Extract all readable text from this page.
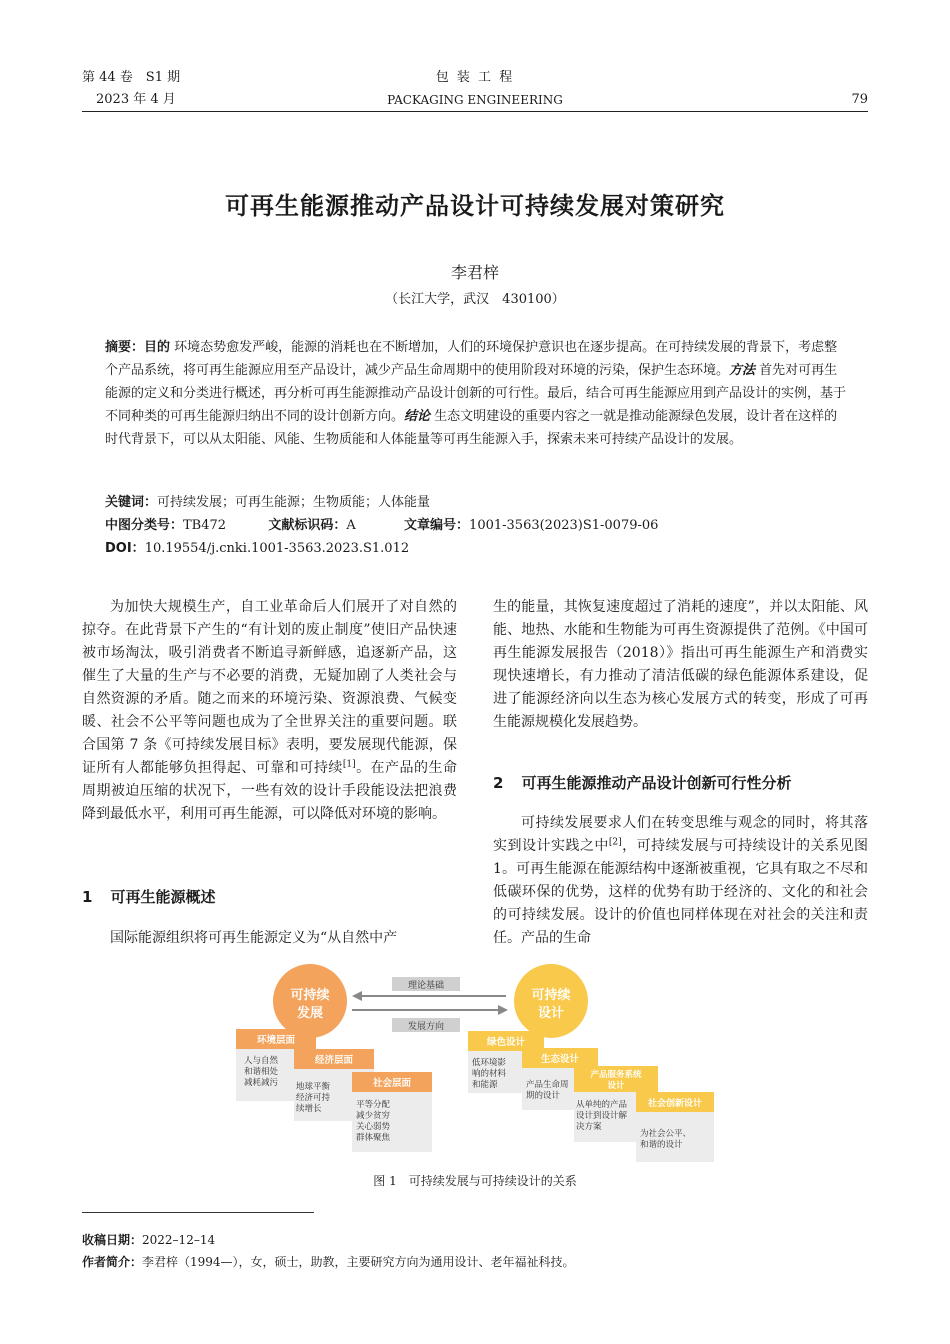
第 44 卷　S1 期
2023 年 4 月
包 装 工 程
PACKAGING ENGINEERING	79
可再生能源推动产品设计可持续发展对策研究
李君梓
（长江大学，武汉　430100）
摘要：目的 环境态势愈发严峻，能源的消耗也在不断增加，人们的环境保护意识也在逐步提高。在可持续发展的背景下，考虑整个产品系统，将可再生能源应用至产品设计，减少产品生命周期中的使用阶段对环境的污染，保护生态环境。方法 首先对可再生能源的定义和分类进行概述，再分析可再生能源推动产品设计创新的可行性。最后，结合可再生能源应用到产品设计的实例，基于不同种类的可再生能源归纳出不同的设计创新方向。结论 生态文明建设的重要内容之一就是推动能源绿色发展，设计者在这样的时代背景下，可以从太阳能、风能、生物质能和人体能量等可再生能源入手，探索未来可持续产品设计的发展。
关键词：可持续发展；可再生能源；生物质能；人体能量
中图分类号：TB472	文献标识码：A	文章编号：1001-3563(2023)S1-0079-06
DOI：10.19554/j.cnki.1001-3563.2023.S1.012

为加快大规模生产，自工业革命后人们展开了对自然的掠夺。在此背景下产生的“有计划的废止制度”使旧产品快速被市场淘汰，吸引消费者不断追寻新鲜感，追逐新产品，这催生了大量的生产与不必要的消费，无疑加剧了人类社会与自然资源的矛盾。随之而来的环境污染、资源浪费、气候变暖、社会不公平等问题也成为了全世界关注的重要问题。联合国第 7 条《可持续发展目标》表明，要发展现代能源，保证所有人都能够负担得起、可靠和可持续[1]。在产品的生命周期被迫压缩的状况下，一些有效的设计手段能设法把浪费降到最低水平，利用可再生能源，可以降低对环境的影响。

1 可再生能源概述

国际能源组织将可再生能源定义为“从自然中产

生的能量，其恢复速度超过了消耗的速度”，并以太阳能、风能、地热、水能和生物能为可再生资源提供了范例。《中国可再生能源发展报告（2018）》指出可再生能源生产和消费实现快速增长，有力推动了清洁低碳的绿色能源体系建设，促进了能源经济向以生态为核心发展方式的转变，形成了可再生能源规模化发展趋势。

2 可再生能源推动产品设计创新可行性分析

可持续发展要求人们在转变思维与观念的同时，将其落实到设计实践之中[2]，可持续发展与可持续设计的关系见图 1。可再生能源在能源结构中逐渐被重视，它具有取之不尽和低碳环保的优势，这样的优势有助于经济的、文化的和社会的可持续发展。设计的价值也同样体现在对社会的关注和责任。产品的生命

可持续
发展
可持续
设计
理论基础
发展方向
环境层面
经济层面
社会层面
人与自然
和谐相处
减耗减污 地球平衡
经济可持
续增长	平等分配
减少贫穷
关心弱势
群体聚焦
绿色设计
生态设计
产品服务系统
设计
社会创新设计
低环境影
响的材料
和能源	产品生命周
期的设计
从单纯的产品
设计到设计解
决方案
为社会公平、
和谐的设计
图 1　可持续发展与可持续设计的关系
收稿日期：2022–12–14
作者简介：李君梓（1994—），女，硕士，助教，主要研究方向为通用设计、老年福祉科技。
